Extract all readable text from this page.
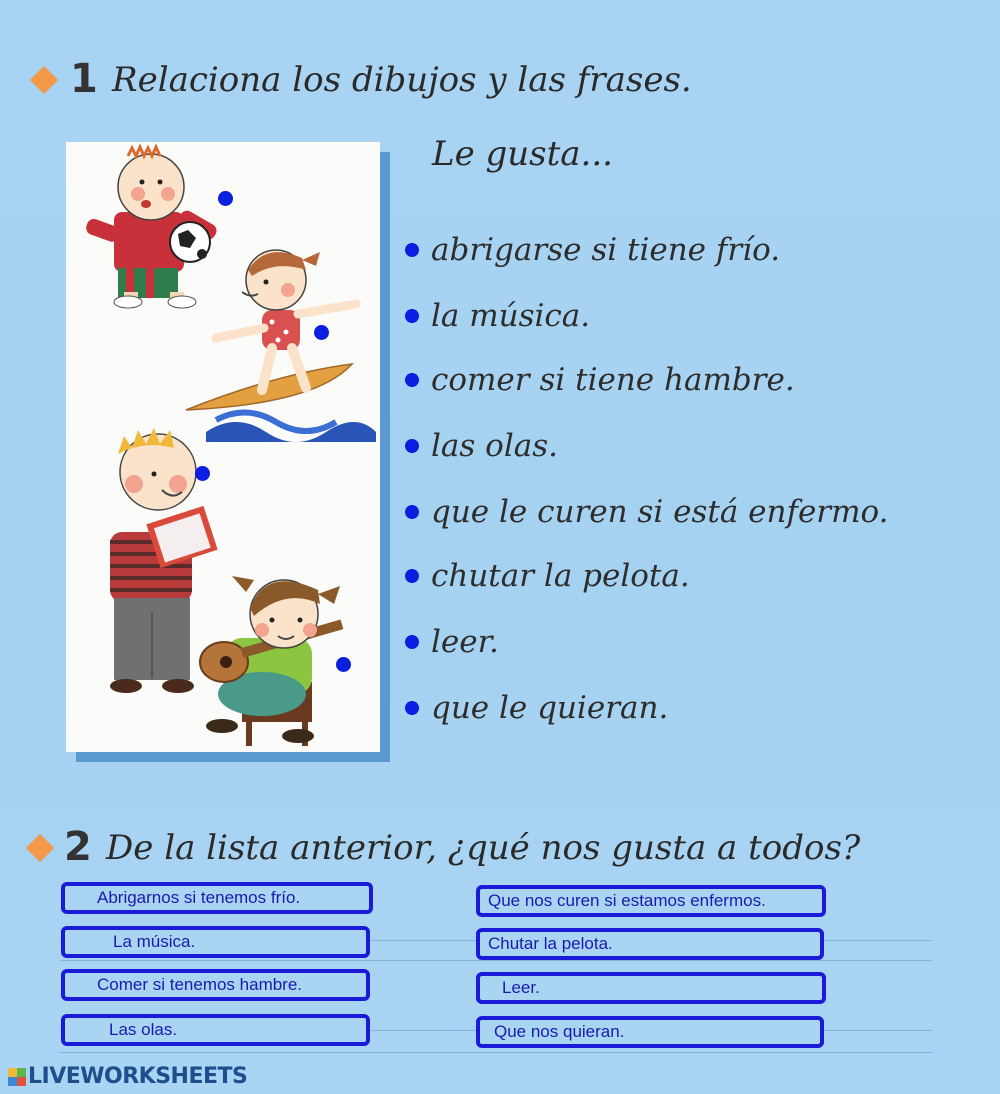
1 Relaciona los dibujos y las frases.
Le gusta...
abrigarse si tiene frío.
la música.
comer si tiene hambre.
las olas.
que le curen si está enfermo.
chutar la pelota.
leer.
que le quieran.
2 De la lista anterior, ¿qué nos gusta a todos?
Abrigarnos si tenemos frío.
La música.
Comer si tenemos hambre.
Las olas.
Que nos curen si estamos enfermos.
Chutar la pelota.
Leer.
Que nos quieran.
LIVEWORKSHEETS
